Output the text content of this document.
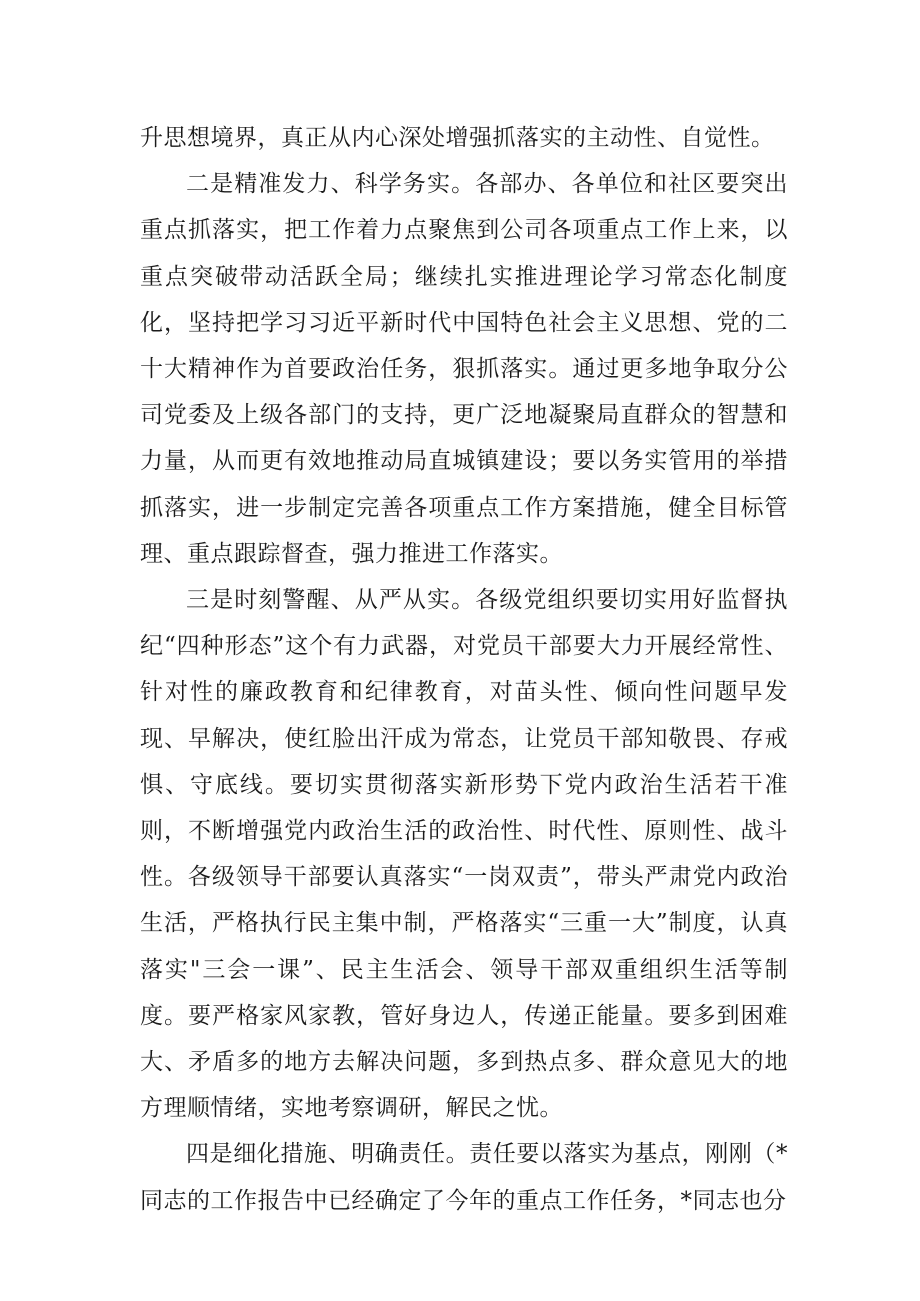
升思想境界，真正从内心深处增强抓落实的主动性、自觉性。

二是精准发力、科学务实。各部办、各单位和社区要突出重点抓落实，把工作着力点聚焦到公司各项重点工作上来，以重点突破带动活跃全局；继续扎实推进理论学习常态化制度化，坚持把学习习近平新时代中国特色社会主义思想、党的二十大精神作为首要政治任务，狠抓落实。通过更多地争取分公司党委及上级各部门的支持，更广泛地凝聚局直群众的智慧和力量，从而更有效地推动局直城镇建设；要以务实管用的举措抓落实，进一步制定完善各项重点工作方案措施，健全目标管理、重点跟踪督查，强力推进工作落实。

三是时刻警醒、从严从实。各级党组织要切实用好监督执纪“四种形态”这个有力武器，对党员干部要大力开展经常性、针对性的廉政教育和纪律教育，对苗头性、倾向性问题早发现、早解决，使红脸出汗成为常态，让党员干部知敬畏、存戒惧、守底线。要切实贯彻落实新形势下党内政治生活若干准则，不断增强党内政治生活的政治性、时代性、原则性、战斗性。各级领导干部要认真落实“一岗双责”，带头严肃党内政治生活，严格执行民主集中制，严格落实“三重一大”制度，认真落实"三会一课”、民主生活会、领导干部双重组织生活等制度。要严格家风家教，管好身边人，传递正能量。要多到困难大、矛盾多的地方去解决问题，多到热点多、群众意见大的地方理顺情绪，实地考察调研，解民之忧。

四是细化措施、明确责任。责任要以落实为基点，刚刚（*同志的工作报告中已经确定了今年的重点工作任务，*同志也分
